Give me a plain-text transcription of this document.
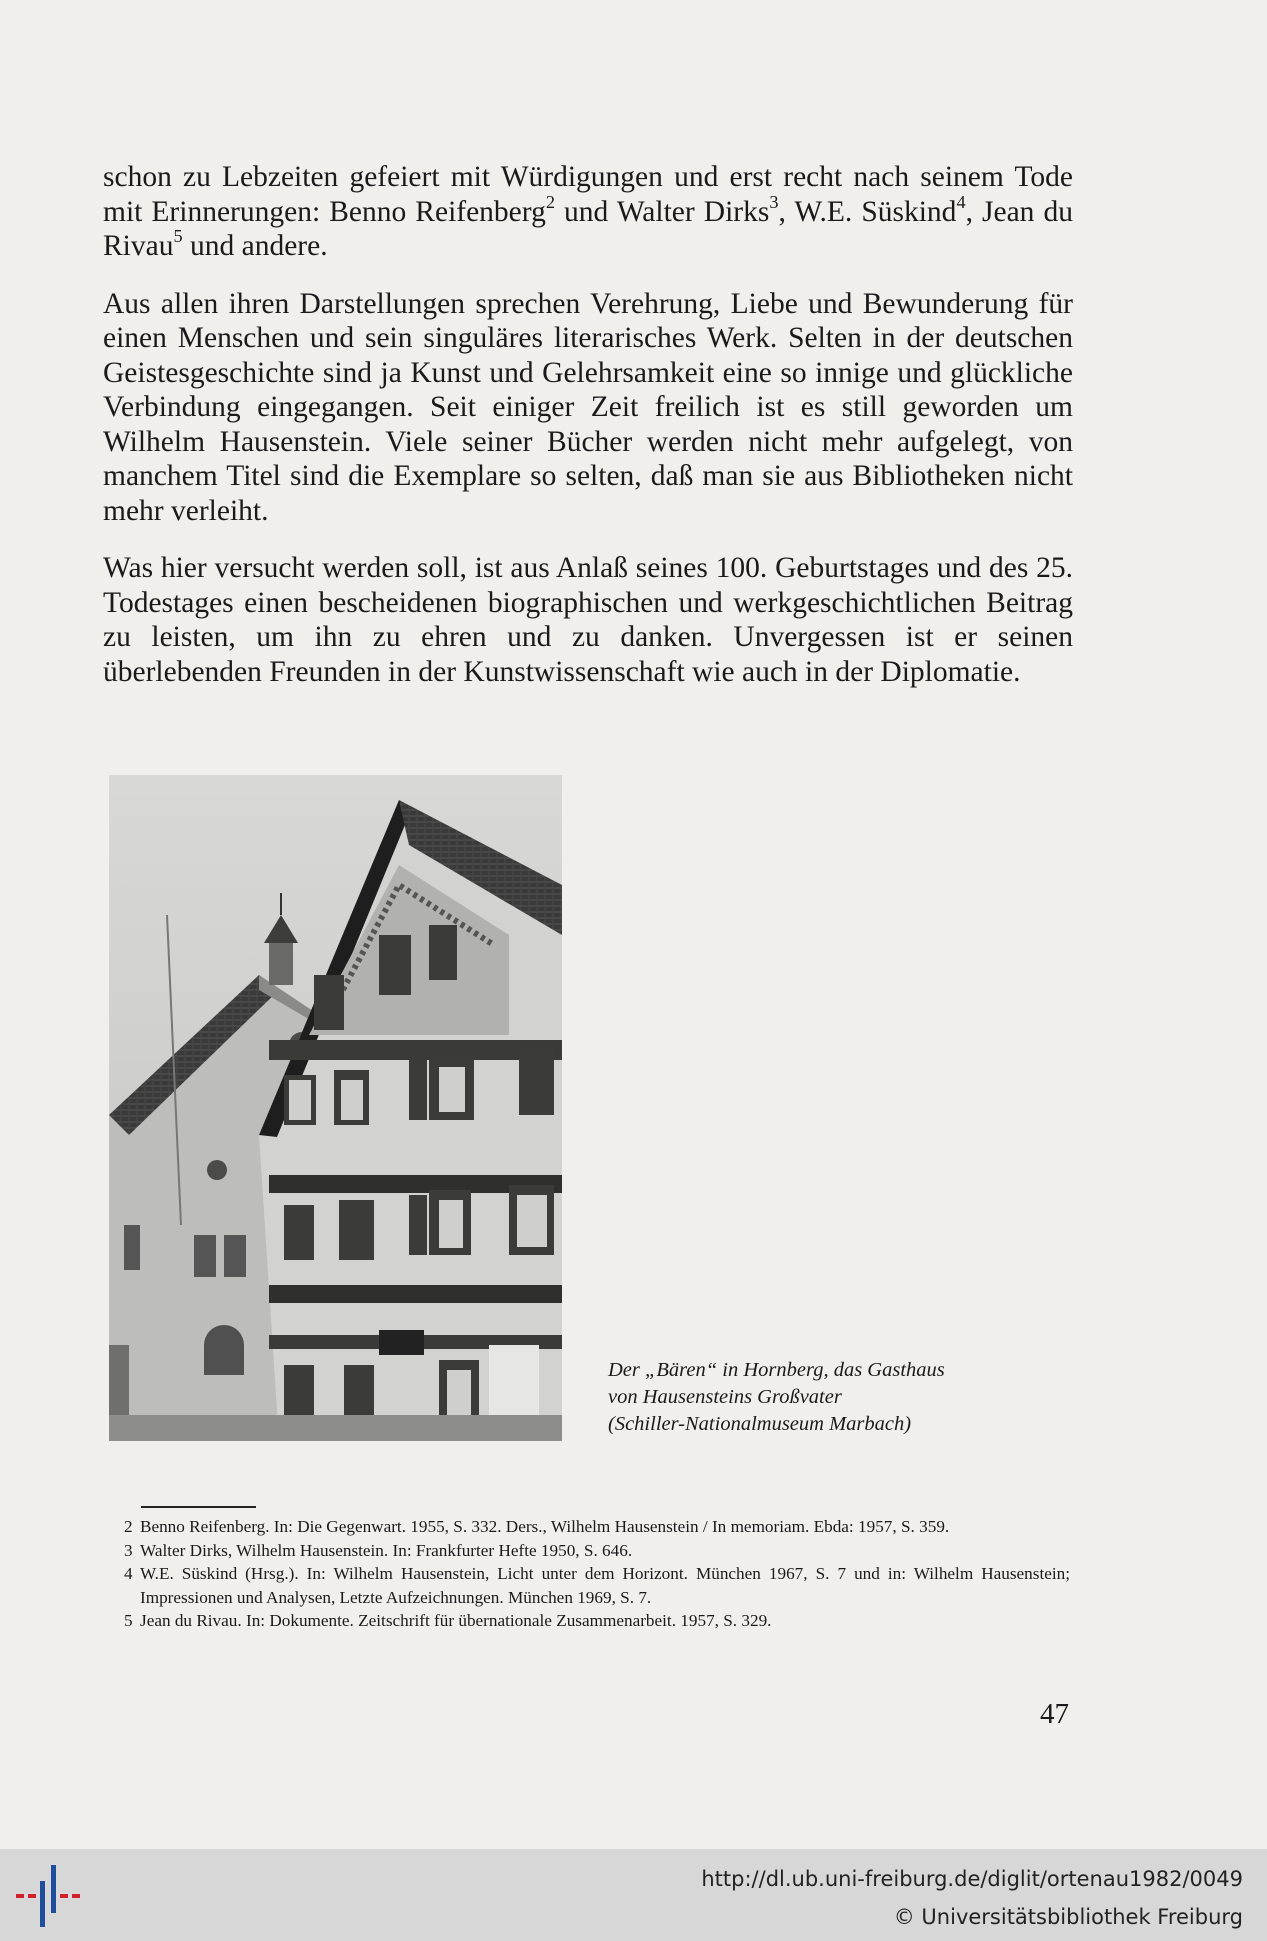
schon zu Lebzeiten gefeiert mit Würdigungen und erst recht nach seinem Tode mit Erinnerungen: Benno Reifenberg$^2$ und Walter Dirks$^3$, W.E. Süskind$^4$, Jean du Rivau$^5$ und andere.

Aus allen ihren Darstellungen sprechen Verehrung, Liebe und Bewunderung für einen Menschen und sein singuläres literarisches Werk. Selten in der deutschen Geistesgeschichte sind ja Kunst und Gelehrsamkeit eine so innige und glückliche Verbindung eingegangen. Seit einiger Zeit freilich ist es still geworden um Wilhelm Hausenstein. Viele seiner Bücher werden nicht mehr aufgelegt, von manchem Titel sind die Exemplare so selten, daß man sie aus Bibliotheken nicht mehr verleiht.

Was hier versucht werden soll, ist aus Anlaß seines 100. Geburtstages und des 25. Todestages einen bescheidenen biographischen und werkgeschichtlichen Beitrag zu leisten, um ihn zu ehren und zu danken. Unvergessen ist er seinen überlebenden Freunden in der Kunstwissenschaft wie auch in der Diplomatie.

Der „Bären“ in Hornberg, das Gasthaus
von Hausensteins Großvater
(Schiller-Nationalmuseum Marbach)
2 Benno Reifenberg. In: Die Gegenwart. 1955, S. 332. Ders., Wilhelm Hausenstein / In memoriam. Ebda: 1957, S. 359.
3 Walter Dirks, Wilhelm Hausenstein. In: Frankfurter Hefte 1950, S. 646.
4 W.E. Süskind (Hrsg.). In: Wilhelm Hausenstein, Licht unter dem Horizont. München 1967, S. 7 und in: Wilhelm Hausenstein; Impressionen und Analysen, Letzte Aufzeichnungen. München 1969, S. 7.
5 Jean du Rivau. In: Dokumente. Zeitschrift für übernationale Zusammenarbeit. 1957, S. 329.
47
http://dl.ub.uni-freiburg.de/diglit/ortenau1982/0049
© Universitätsbibliothek Freiburg
